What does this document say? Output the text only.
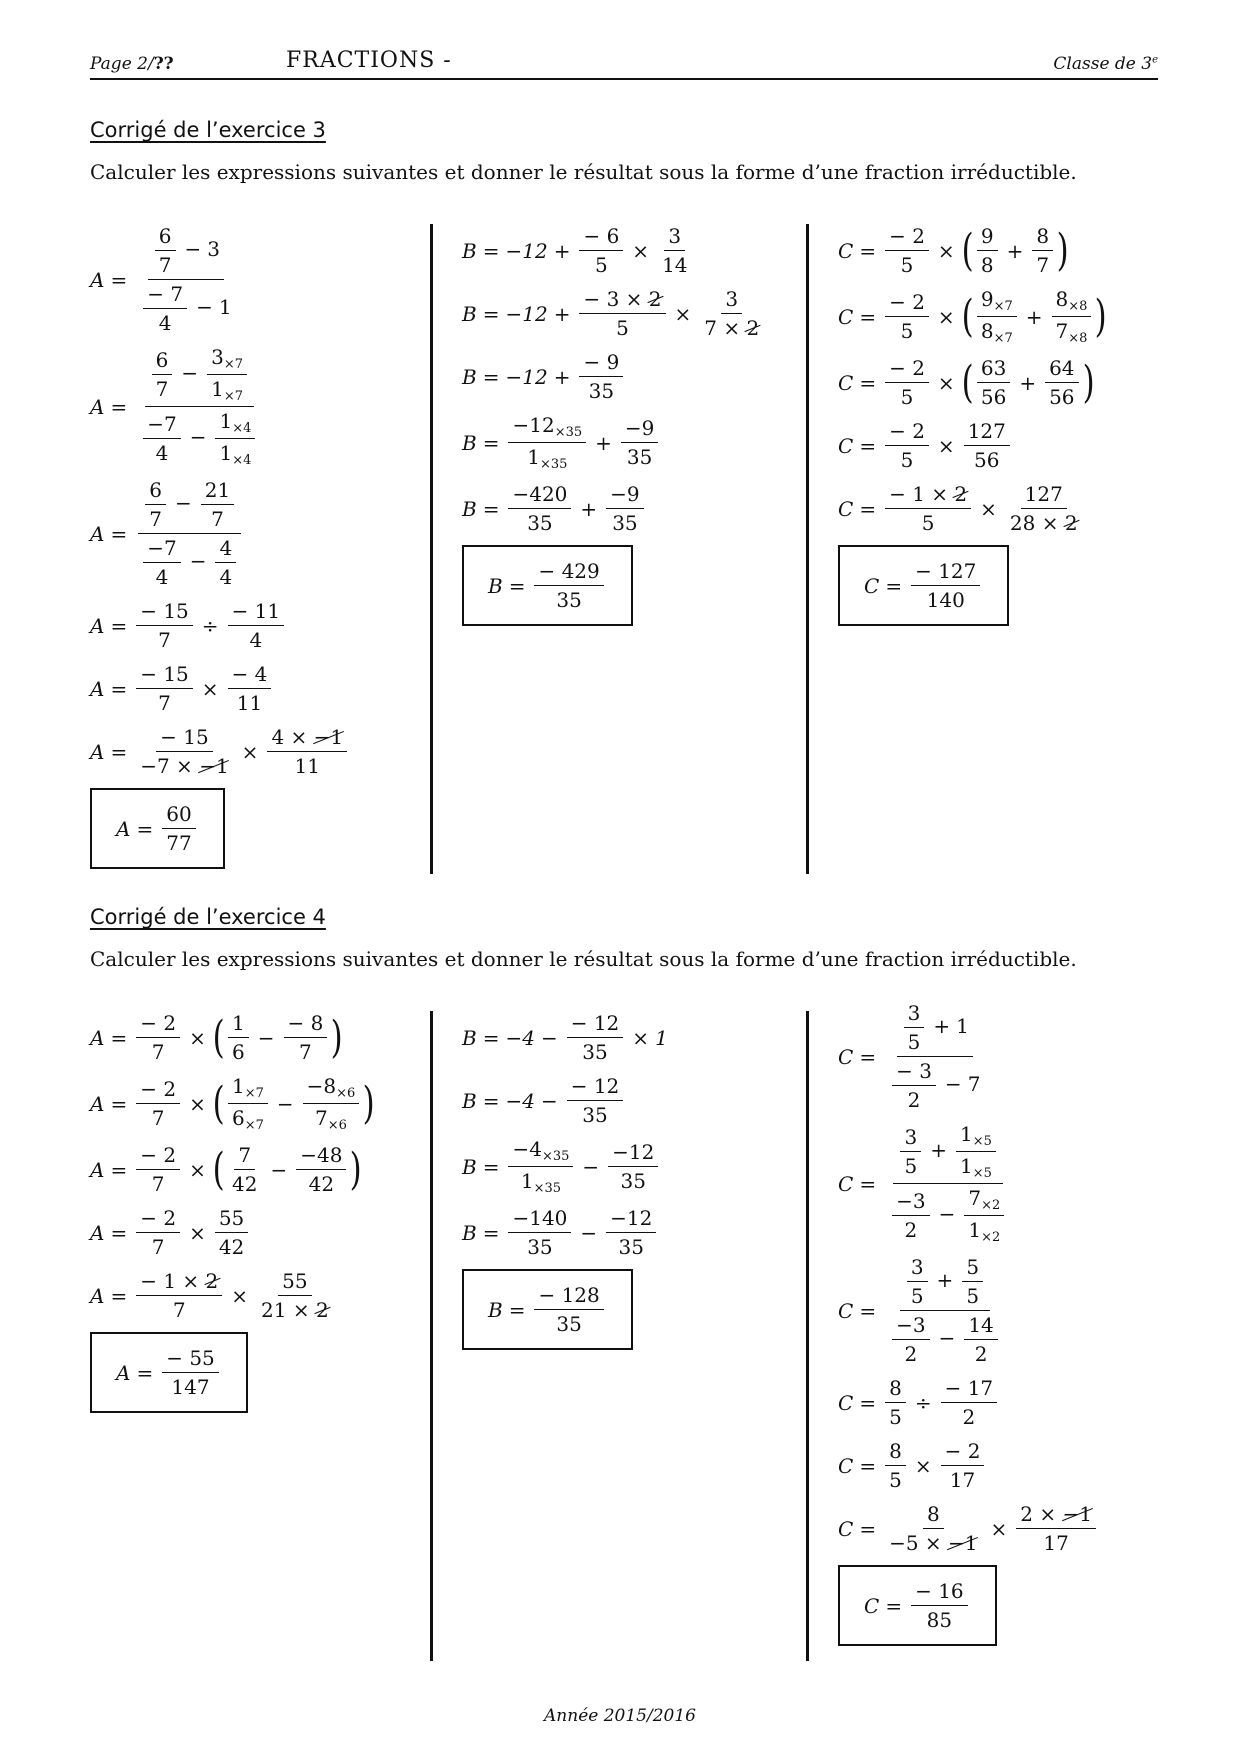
Page 2/??	FRACTIONS -	Classe de 3e
Corrigé de l’exercice 3

Calculer les expressions suivantes et donner le résultat sous la forme d’une fraction irréductible.

$A = \frac{\frac{6}{7} - 3}{\frac{- 7}{4} - 1}$
$A = \frac{\frac{6}{7} - \frac{3_{\times 7}}{1_{\times 7}}}{\frac{-7}{4} - \frac{1_{\times 4}}{1_{\times 4}}}$
$A = \frac{\frac{6}{7} - \frac{21}{7}}{\frac{-7}{4} - \frac{4}{4}}$
$A = \frac{- 15}{7} \div \frac{- 11}{4}$
$A = \frac{- 15}{7} \times \frac{- 4}{11}$
$A = \frac{- 15}{-7 \times -1} \times \frac{4 \times -1}{11}$
$A = \frac{60}{77}$
$B = -12 + \frac{- 6}{5} \times \frac{3}{14}$
$B = -12 + \frac{- 3 \times 2}{5} \times \frac{3}{7 \times 2}$
$B = -12 + \frac{- 9}{35}$
$B = \frac{-12_{\times 35}}{1_{\times 35}} + \frac{-9}{35}$
$B = \frac{-420}{35} + \frac{-9}{35}$
$B = \frac{- 429}{35}$
$C = \frac{- 2}{5}$ × ( $\frac{9}{8} + \frac{8}{7}$ )
$C = \frac{- 2}{5}$ × ( $\frac{9_{\times 7}}{8_{\times 7}} + \frac{8_{\times 8}}{7_{\times 8}}$ )
$C = \frac{- 2}{5}$ × ( $\frac{63}{56} + \frac{64}{56}$ )
$C = \frac{- 2}{5} \times \frac{127}{56}$
$C = \frac{- 1 \times 2}{5} \times \frac{127}{28 \times 2}$
$C = \frac{- 127}{140}$
Corrigé de l’exercice 4

Calculer les expressions suivantes et donner le résultat sous la forme d’une fraction irréductible.

$A = \frac{- 2}{7}$ × ( $\frac{1}{6} - \frac{- 8}{7}$ )
$A = \frac{- 2}{7}$ × ( $\frac{1_{\times 7}}{6_{\times 7}} - \frac{-8_{\times 6}}{7_{\times 6}}$ )
$A = \frac{- 2}{7}$ × ( $\frac{7}{42} - \frac{-48}{42}$ )
$A = \frac{- 2}{7} \times \frac{55}{42}$
$A = \frac{- 1 \times 2}{7} \times \frac{55}{21 \times 2}$
$A = \frac{- 55}{147}$
$B = -4 - \frac{- 12}{35} \times 1$
$B = -4 - \frac{- 12}{35}$
$B = \frac{-4_{\times 35}}{1_{\times 35}} - \frac{-12}{35}$
$B = \frac{-140}{35} - \frac{-12}{35}$
$B = \frac{- 128}{35}$
$C = \frac{\frac{3}{5} + 1}{\frac{- 3}{2} - 7}$
$C = \frac{\frac{3}{5} + \frac{1_{\times 5}}{1_{\times 5}}}{\frac{-3}{2} - \frac{7_{\times 2}}{1_{\times 2}}}$
$C = \frac{\frac{3}{5} + \frac{5}{5}}{\frac{-3}{2} - \frac{14}{2}}$
$C = \frac{8}{5} \div \frac{- 17}{2}$
$C = \frac{8}{5} \times \frac{- 2}{17}$
$C = \frac{8}{-5 \times -1} \times \frac{2 \times -1}{17}$
$C = \frac{- 16}{85}$
Année 2015/2016
